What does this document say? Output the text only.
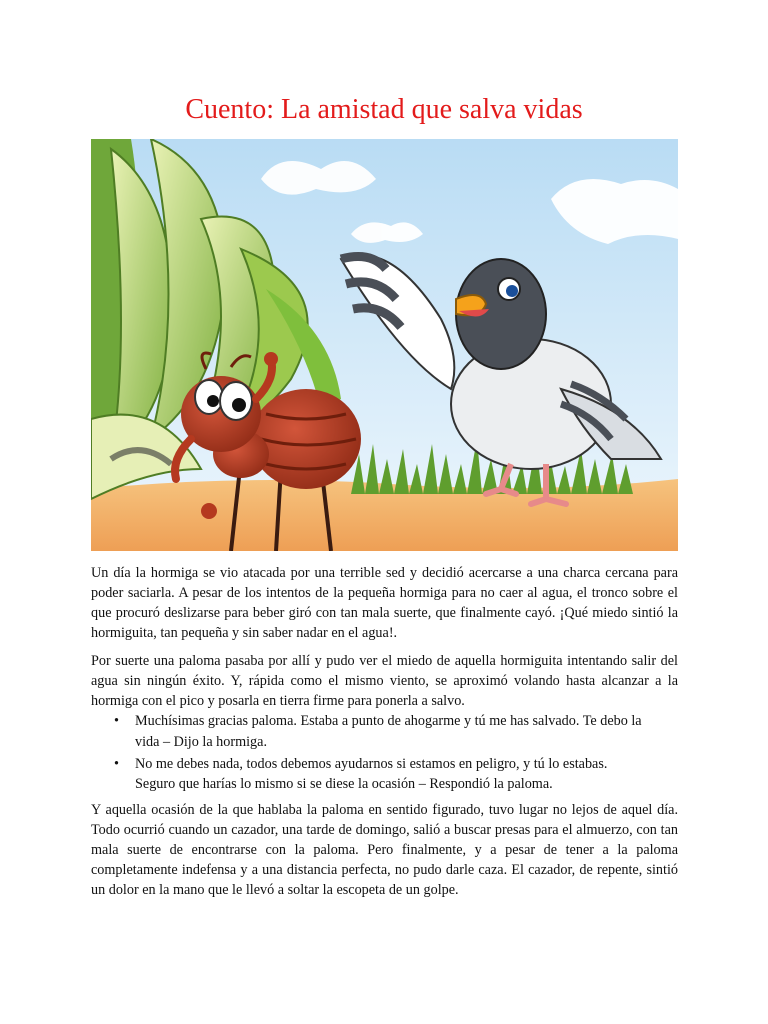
Cuento: La amistad que salva vidas
Un día la hormiga se vio atacada por una terrible sed y decidió acercarse a una charca cercana para poder saciarla. A pesar de los intentos de la pequeña hormiga para no caer al agua, el tronco sobre el que procuró deslizarse para beber giró con tan mala suerte, que finalmente cayó. ¡Qué miedo sintió la hormiguita, tan pequeña y sin saber nadar en el agua!.
Por suerte una paloma pasaba por allí y pudo ver el miedo de aquella hormiguita intentando salir del agua sin ningún éxito. Y, rápida como el mismo viento, se aproximó volando hasta alcanzar a la hormiga con el pico y posarla en tierra firme para ponerla a salvo.
• Muchísimas gracias paloma. Estaba a punto de ahogarme y tú me has salvado. Te debo la
vida – Dijo la hormiga.
• No me debes nada, todos debemos ayudarnos si estamos en peligro, y tú lo estabas.
Seguro que harías lo mismo si se diese la ocasión – Respondió la paloma.
Y aquella ocasión de la que hablaba la paloma en sentido figurado, tuvo lugar no lejos de aquel día. Todo ocurrió cuando un cazador, una tarde de domingo, salió a buscar presas para el almuerzo, con tan mala suerte de encontrarse con la paloma. Pero finalmente, y a pesar de tener a la paloma completamente indefensa y a una distancia perfecta, no pudo darle caza. El cazador, de repente, sintió un dolor en la mano que le llevó a soltar la escopeta de un golpe.
